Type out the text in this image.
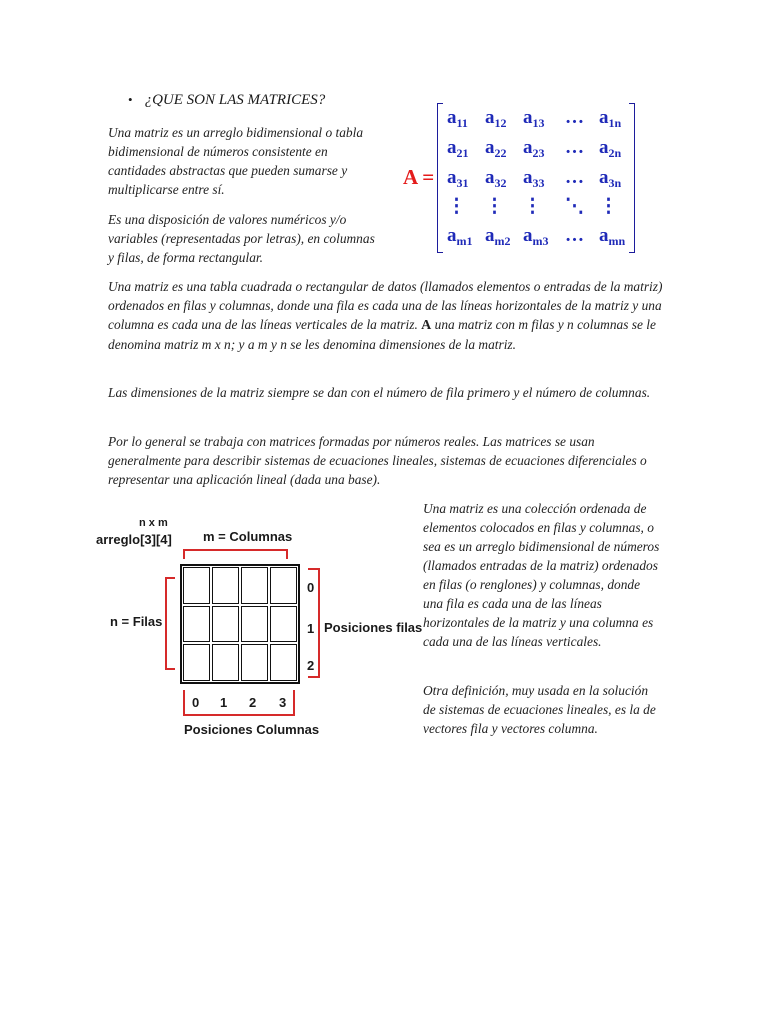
• ¿QUE SON LAS MATRICES?

Una matriz es un arreglo bidimensional o tabla bidimensional de números consistente en cantidades abstractas que pueden sumarse y multiplicarse entre sí.

Es una disposición de valores numéricos y/o variables (representadas por letras), en columnas y filas, de forma rectangular.

Una matriz es una tabla cuadrada o rectangular de datos (llamados elementos o entradas de la matriz) ordenados en filas y columnas, donde una fila es cada una de las líneas horizontales de la matriz y una columna es cada una de las líneas verticales de la matriz. A una matriz con m filas y n columnas se le denomina matriz m x n; y a m y n se les denomina dimensiones de la matriz.

Las dimensiones de la matriz siempre se dan con el número de fila primero y el número de columnas.

Por lo general se trabaja con matrices formadas por números reales. Las matrices se usan generalmente para describir sistemas de ecuaciones lineales, sistemas de ecuaciones diferenciales o representar una aplicación lineal (dada una base).

Una matriz es una colección ordenada de elementos colocados en filas y columnas, o sea es un arreglo bidimensional de números (llamados entradas de la matriz) ordenados en filas (o renglones) y columnas, donde una fila es cada una de las líneas horizontales de la matriz y una columna es cada una de las líneas verticales.

Otra definición, muy usada en la solución de sistemas de ecuaciones lineales, es la de vectores fila y vectores columna.

A =
$a_{11}$ $a_{12}$ $a_{13}$ … $a_{1n}$
$a_{21}$ $a_{22}$ $a_{23}$ … $a_{2n}$
$a_{31}$ $a_{32}$ $a_{33}$ … $a_{3n}$
⋮ ⋮ ⋮ ⋱ ⋮
$a_{m1}$ $a_{m2}$ $a_{m3}$ … $a_{mn}$
n x m
arreglo[3][4] m = Columnas
n = Filas	Posiciones filas
Posiciones Columnas
0
1
2
0 1 2 3
